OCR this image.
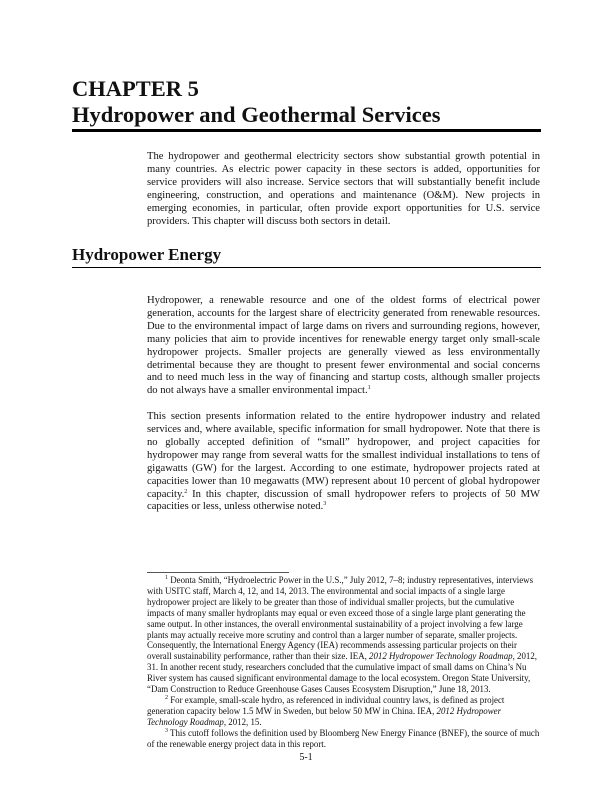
CHAPTER 5
Hydropower and Geothermal Services

The hydropower and geothermal electricity sectors show substantial growth potential in many countries. As electric power capacity in these sectors is added, opportunities for service providers will also increase. Service sectors that will substantially benefit include engineering, construction, and operations and maintenance (O&M). New projects in emerging economies, in particular, often provide export opportunities for U.S. service providers. This chapter will discuss both sectors in detail.

Hydropower Energy

Hydropower, a renewable resource and one of the oldest forms of electrical power generation, accounts for the largest share of electricity generated from renewable resources. Due to the environmental impact of large dams on rivers and surrounding regions, however, many policies that aim to provide incentives for renewable energy target only small-scale hydropower projects. Smaller projects are generally viewed as less environmentally detrimental because they are thought to present fewer environmental and social concerns and to need much less in the way of financing and startup costs, although smaller projects do not always have a smaller environmental impact.$^1$

This section presents information related to the entire hydropower industry and related services and, where available, specific information for small hydropower. Note that there is no globally accepted definition of “small” hydropower, and project capacities for hydropower may range from several watts for the smallest individual installations to tens of gigawatts (GW) for the largest. According to one estimate, hydropower projects rated at capacities lower than 10 megawatts (MW) represent about 10 percent of global hydropower capacity.$^2$ In this chapter, discussion of small hydropower refers to projects of 50 MW capacities or less, unless otherwise noted.$^3$

$^1$ Deonta Smith, “Hydroelectric Power in the U.S.,” July 2012, 7–8; industry representatives, interviews with USITC staff, March 4, 12, and 14, 2013. The environmental and social impacts of a single large hydropower project are likely to be greater than those of individual smaller projects, but the cumulative impacts of many smaller hydroplants may equal or even exceed those of a single large plant generating the same output. In other instances, the overall environmental sustainability of a project involving a few large plants may actually receive more scrutiny and control than a larger number of separate, smaller projects. Consequently, the International Energy Agency (IEA) recommends assessing particular projects on their overall sustainability performance, rather than their size. IEA, 2012 Hydropower Technology Roadmap, 2012, 31. In another recent study, researchers concluded that the cumulative impact of small dams on China’s Nu River system has caused significant environmental damage to the local ecosystem. Oregon State University, “Dam Construction to Reduce Greenhouse Gases Causes Ecosystem Disruption,” June 18, 2013.

$^2$ For example, small-scale hydro, as referenced in individual country laws, is defined as project generation capacity below 1.5 MW in Sweden, but below 50 MW in China. IEA, 2012 Hydropower Technology Roadmap, 2012, 15.

$^3$ This cutoff follows the definition used by Bloomberg New Energy Finance (BNEF), the source of much of the renewable energy project data in this report.

5-1
